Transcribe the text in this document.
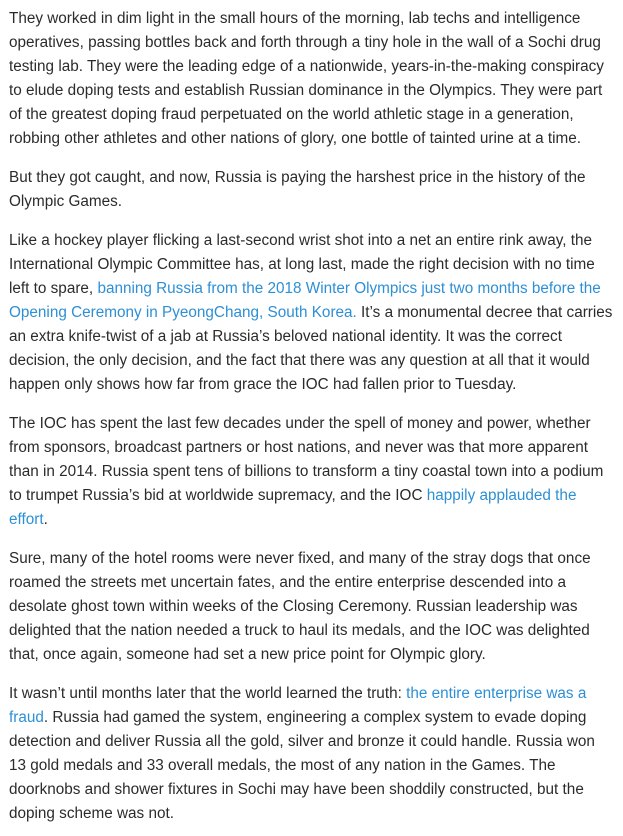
They worked in dim light in the small hours of the morning, lab techs and intelligence operatives, passing bottles back and forth through a tiny hole in the wall of a Sochi drug testing lab. They were the leading edge of a nationwide, years-in-the-making conspiracy to elude doping tests and establish Russian dominance in the Olympics. They were part of the greatest doping fraud perpetuated on the world athletic stage in a generation, robbing other athletes and other nations of glory, one bottle of tainted urine at a time.

But they got caught, and now, Russia is paying the harshest price in the history of the Olympic Games.

Like a hockey player flicking a last-second wrist shot into a net an entire rink away, the International Olympic Committee has, at long last, made the right decision with no time left to spare, banning Russia from the 2018 Winter Olympics just two months before the Opening Ceremony in PyeongChang, South Korea. It’s a monumental decree that carries an extra knife-twist of a jab at Russia’s beloved national identity. It was the correct decision, the only decision, and the fact that there was any question at all that it would happen only shows how far from grace the IOC had fallen prior to Tuesday.

The IOC has spent the last few decades under the spell of money and power, whether from sponsors, broadcast partners or host nations, and never was that more apparent than in 2014. Russia spent tens of billions to transform a tiny coastal town into a podium to trumpet Russia’s bid at worldwide supremacy, and the IOC happily applauded the effort.

Sure, many of the hotel rooms were never fixed, and many of the stray dogs that once roamed the streets met uncertain fates, and the entire enterprise descended into a desolate ghost town within weeks of the Closing Ceremony. Russian leadership was delighted that the nation needed a truck to haul its medals, and the IOC was delighted that, once again, someone had set a new price point for Olympic glory.

It wasn’t until months later that the world learned the truth: the entire enterprise was a fraud. Russia had gamed the system, engineering a complex system to evade doping detection and deliver Russia all the gold, silver and bronze it could handle. Russia won 13 gold medals and 33 overall medals, the most of any nation in the Games. The doorknobs and shower fixtures in Sochi may have been shoddily constructed, but the doping scheme was not.
